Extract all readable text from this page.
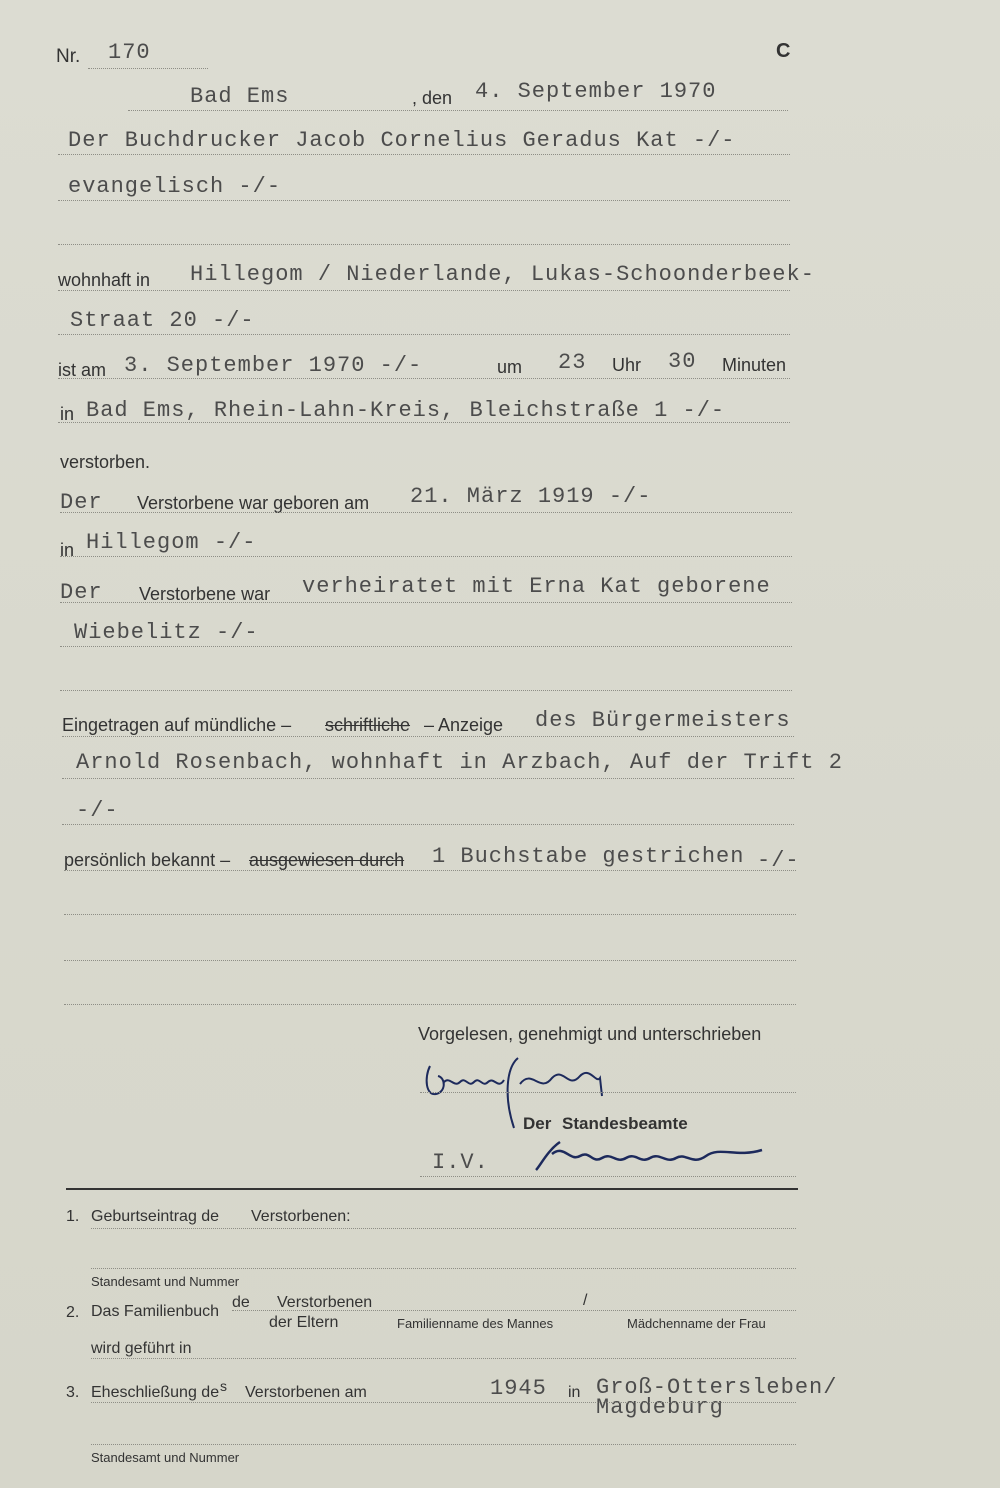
Nr. 170	C
Bad Ems	, den 4. September 1970
Der Buchdrucker Jacob Cornelius Geradus Kat -/-
evangelisch -/-
wohnhaft in Hillegom / Niederlande, Lukas-Schoonderbeek-
Straat 20 -/-
ist am 3. September 1970 -/-	um 23 Uhr 30 Minuten
in Bad Ems, Rhein-Lahn-Kreis, Bleichstraße 1 -/-
verstorben.
Der Verstorbene war geboren am 21. März 1919 -/-
in Hillegom -/-
Der Verstorbene war verheiratet mit Erna Kat geborene
Wiebelitz -/-
Eingetragen auf mündliche – schriftliche – Anzeige des Bürgermeisters
Arnold Rosenbach, wohnhaft in Arzbach, Auf der Trift 2
-/-
persönlich bekannt – ausgewiesen durch 1 Buchstabe gestrichen -/-
Vorgelesen, genehmigt und unterschrieben
Der Standesbeamte
I.V.
1. Geburtseintrag de Verstorbenen:
Standesamt und Nummer
2. Das Familienbuch
de Verstorbenen	/
der Eltern	Familienname des Mannes	Mädchenname der Frau
wird geführt in
3. Eheschließung de s Verstorbenen am	1945 in Groß-Ottersleben/
Magdeburg
Standesamt und Nummer
